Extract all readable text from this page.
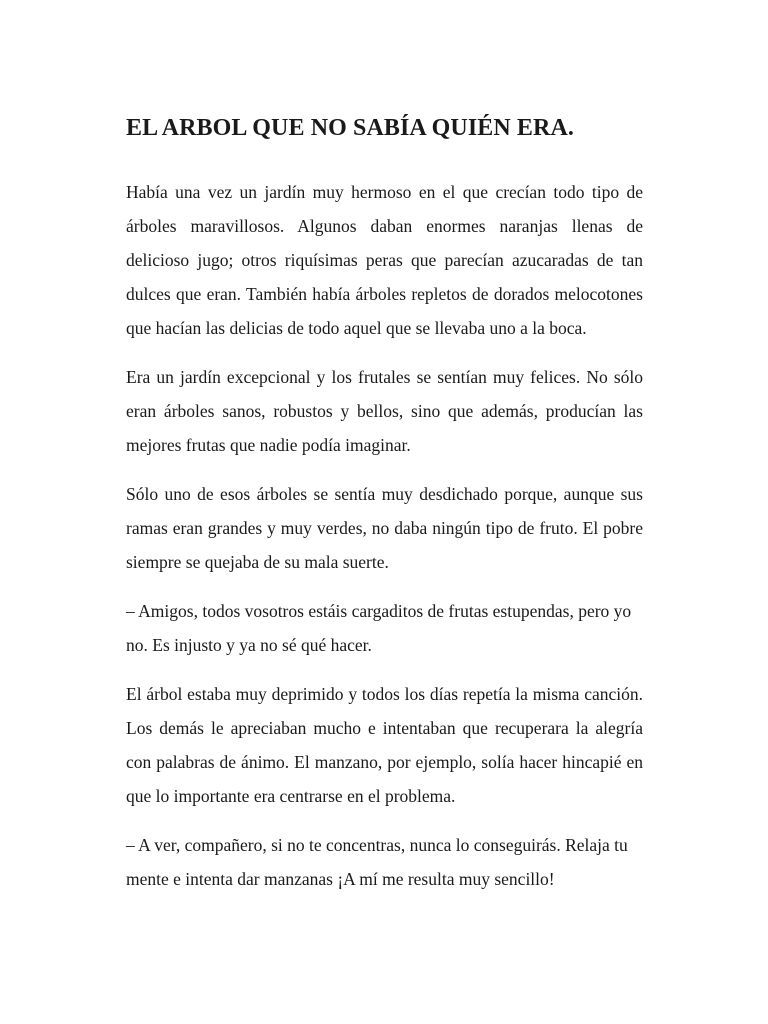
EL ARBOL QUE NO SABÍA QUIÉN ERA.

Había una vez un jardín muy hermoso en el que crecían todo tipo de árboles maravillosos. Algunos daban enormes naranjas llenas de delicioso jugo; otros riquísimas peras que parecían azucaradas de tan dulces que eran. También había árboles repletos de dorados melocotones que hacían las delicias de todo aquel que se llevaba uno a la boca.

Era un jardín excepcional y los frutales se sentían muy felices. No sólo eran árboles sanos, robustos y bellos, sino que además, producían las mejores frutas que nadie podía imaginar.

Sólo uno de esos árboles se sentía muy desdichado porque, aunque sus ramas eran grandes y muy verdes, no daba ningún tipo de fruto. El pobre siempre se quejaba de su mala suerte.

– Amigos, todos vosotros estáis cargaditos de frutas estupendas, pero yo no. Es injusto y ya no sé qué hacer.

El árbol estaba muy deprimido y todos los días repetía la misma canción. Los demás le apreciaban mucho e intentaban que recuperara la alegría con palabras de ánimo. El manzano, por ejemplo, solía hacer hincapié en que lo importante era centrarse en el problema.

– A ver, compañero, si no te concentras, nunca lo conseguirás. Relaja tu mente e intenta dar manzanas ¡A mí me resulta muy sencillo!
